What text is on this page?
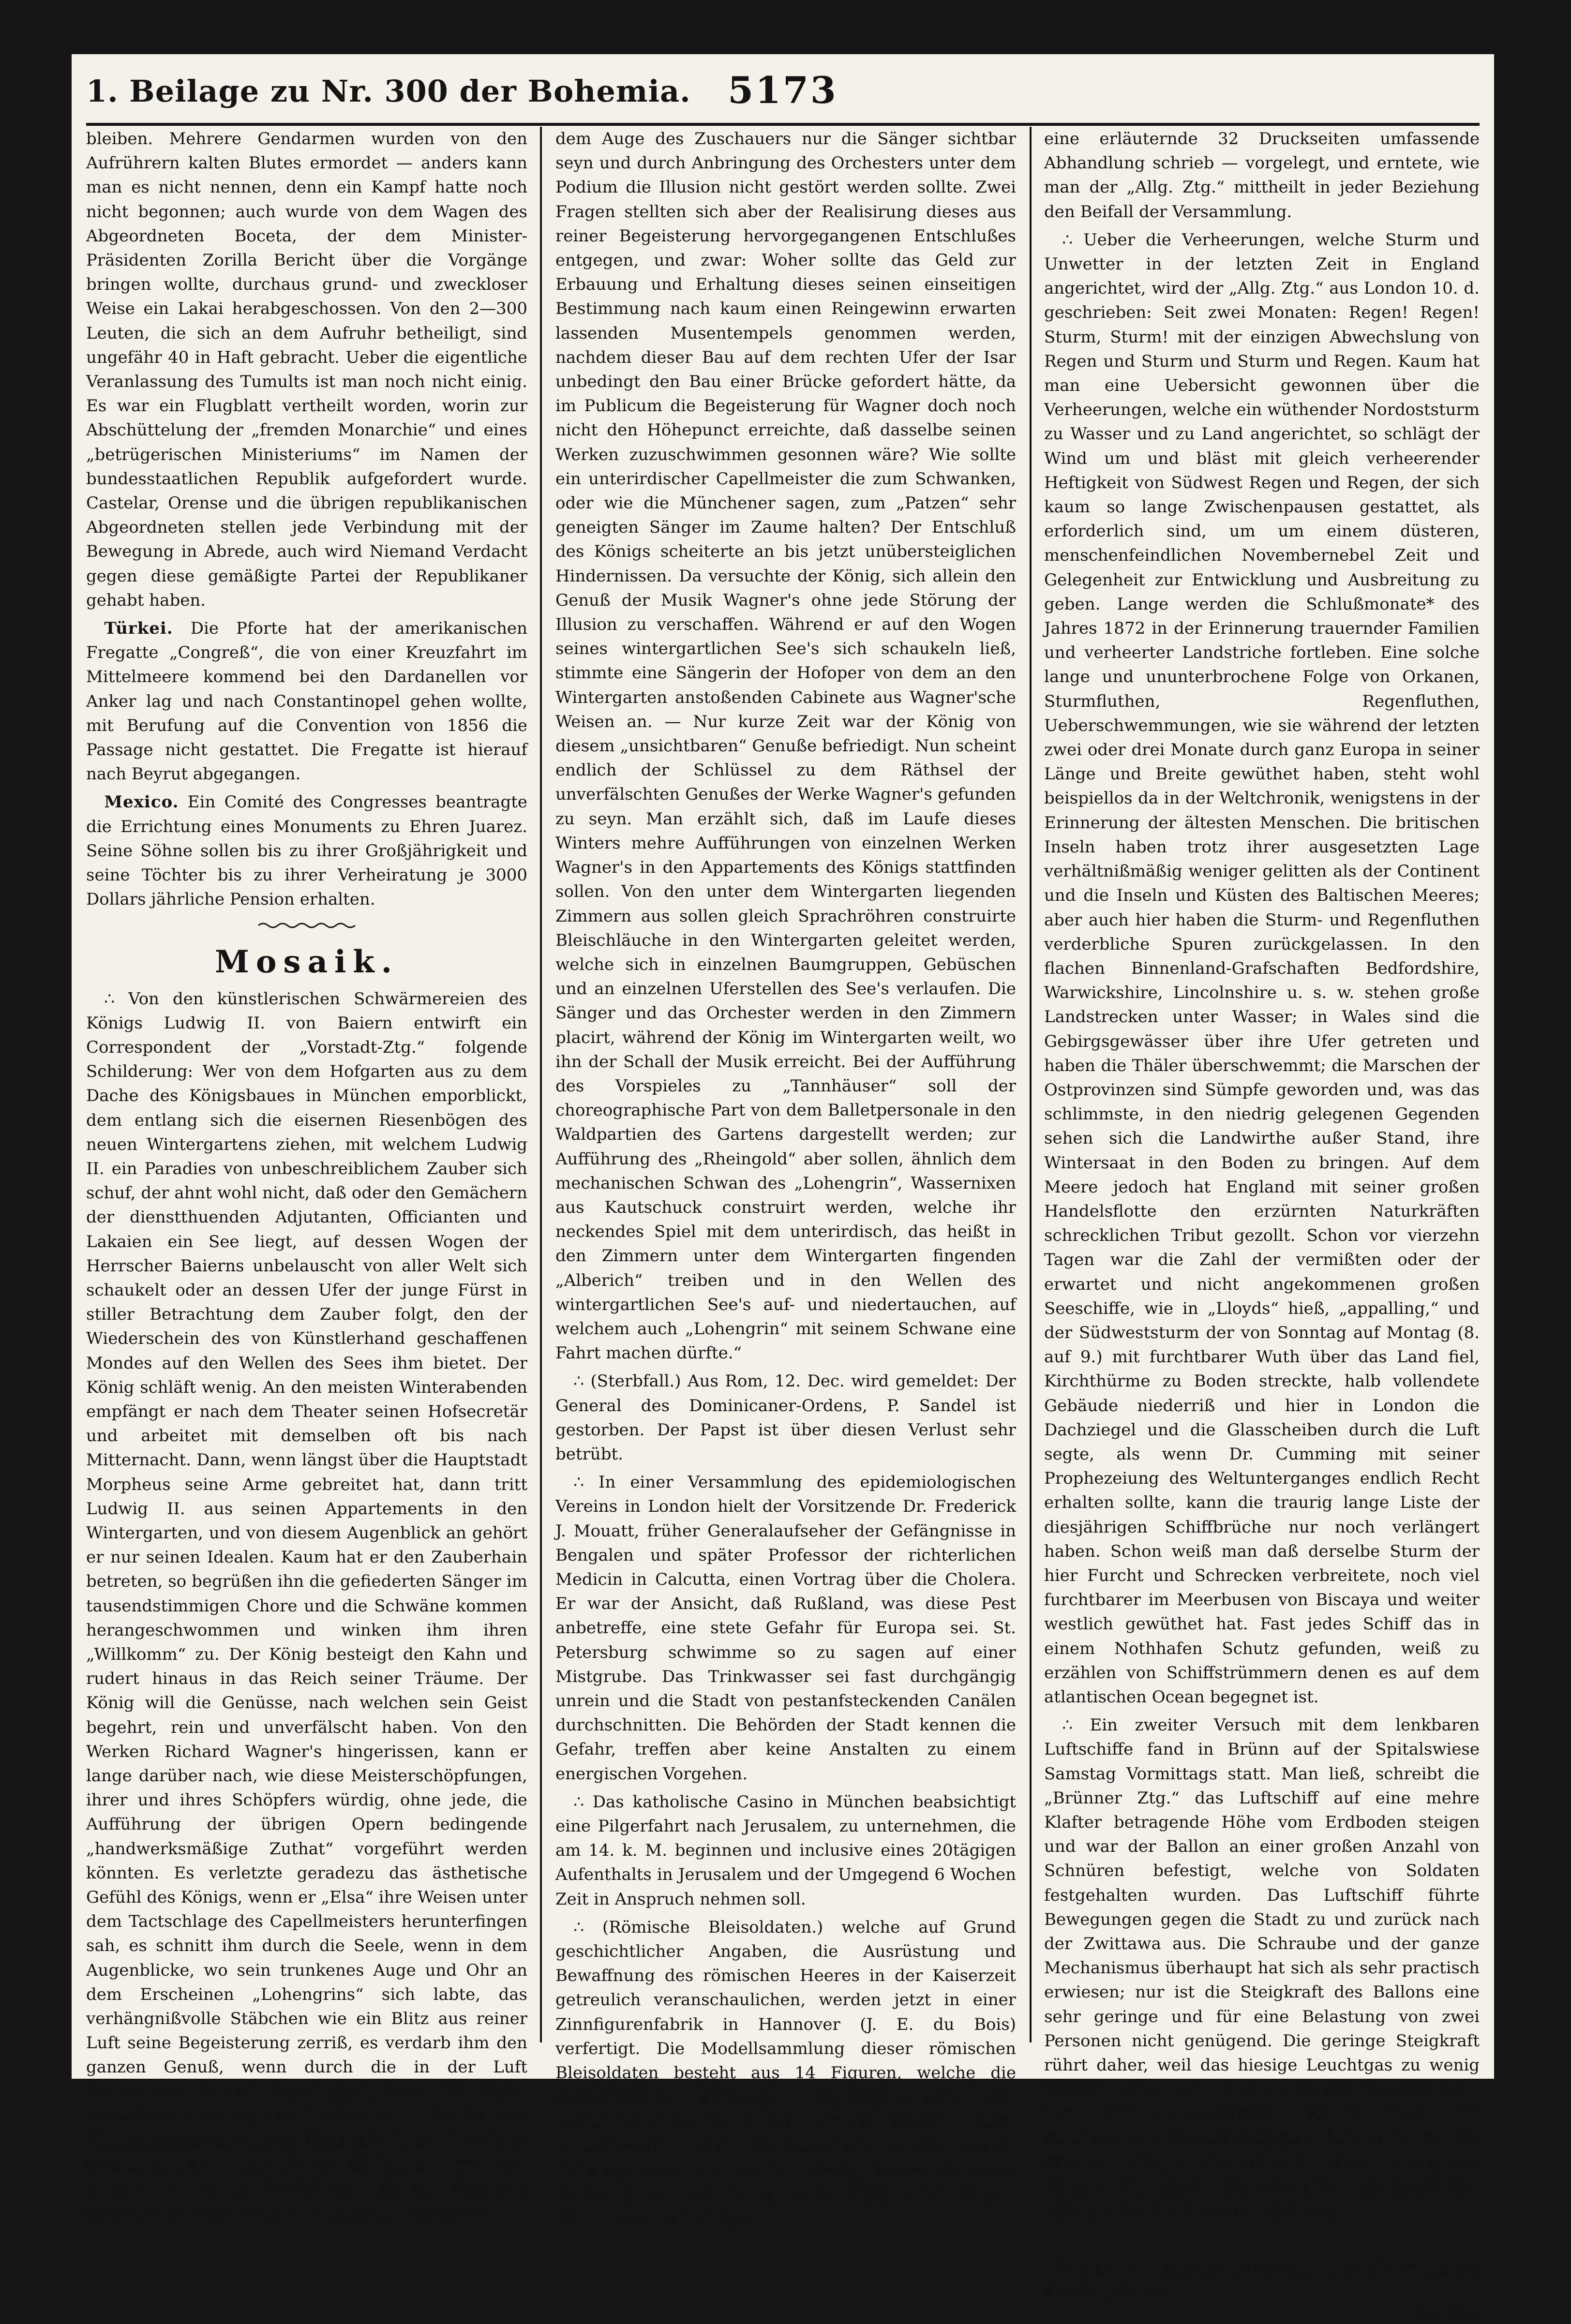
1. Beilage zu Nr. 300 der Bohemia.	5173

bleiben. Mehrere Gendarmen wurden von den Aufrührern kalten Blutes ermordet — anders kann man es nicht nennen, denn ein Kampf hatte noch nicht begonnen; auch wurde von dem Wagen des Abgeordneten Boceta, der dem Minister-Präsidenten Zorilla Bericht über die Vorgänge bringen wollte, durchaus grund- und zweckloser Weise ein Lakai herabgeschossen. Von den 2—300 Leuten, die sich an dem Aufruhr betheiligt, sind ungefähr 40 in Haft gebracht. Ueber die eigentliche Veranlassung des Tumults ist man noch nicht einig. Es war ein Flugblatt vertheilt worden, worin zur Abschüttelung der „fremden Monarchie“ und eines „betrügerischen Ministeriums“ im Namen der bundesstaatlichen Republik aufgefordert wurde. Castelar, Orense und die übrigen republikanischen Abgeordneten stellen jede Verbindung mit der Bewegung in Abrede, auch wird Niemand Verdacht gegen diese gemäßigte Partei der Republikaner gehabt haben.

Türkei. Die Pforte hat der amerikanischen Fregatte „Congreß“, die von einer Kreuzfahrt im Mittelmeere kommend bei den Dardanellen vor Anker lag und nach Constantinopel gehen wollte, mit Berufung auf die Convention von 1856 die Passage nicht gestattet. Die Fregatte ist hierauf nach Beyrut abgegangen.

Mexico. Ein Comité des Congresses beantragte die Errichtung eines Monuments zu Ehren Juarez. Seine Söhne sollen bis zu ihrer Großjährigkeit und seine Töchter bis zu ihrer Verheiratung je 3000 Dollars jährliche Pension erhalten.

Mosaik.

∴ Von den künstlerischen Schwärmereien des Königs Ludwig II. von Baiern entwirft ein Correspondent der „Vorstadt-Ztg.“ folgende Schilderung: Wer von dem Hofgarten aus zu dem Dache des Königsbaues in München emporblickt, dem entlang sich die eisernen Riesenbögen des neuen Wintergartens ziehen, mit welchem Ludwig II. ein Paradies von unbeschreiblichem Zauber sich schuf, der ahnt wohl nicht, daß oder den Gemächern der dienstthuenden Adjutanten, Officianten und Lakaien ein See liegt, auf dessen Wogen der Herrscher Baierns unbelauscht von aller Welt sich schaukelt oder an dessen Ufer der junge Fürst in stiller Betrachtung dem Zauber folgt, den der Wiederschein des von Künstlerhand geschaffenen Mondes auf den Wellen des Sees ihm bietet. Der König schläft wenig. An den meisten Winterabenden empfängt er nach dem Theater seinen Hofsecretär und arbeitet mit demselben oft bis nach Mitternacht. Dann, wenn längst über die Hauptstadt Morpheus seine Arme gebreitet hat, dann tritt Ludwig II. aus seinen Appartements in den Wintergarten, und von diesem Augenblick an gehört er nur seinen Idealen. Kaum hat er den Zauberhain betreten, so begrüßen ihn die gefiederten Sänger im tausendstimmigen Chore und die Schwäne kommen herangeschwommen und winken ihm ihren „Willkomm“ zu. Der König besteigt den Kahn und rudert hinaus in das Reich seiner Träume. Der König will die Genüsse, nach welchen sein Geist begehrt, rein und unverfälscht haben. Von den Werken Richard Wagner's hingerissen, kann er lange darüber nach, wie diese Meisterschöpfungen, ihrer und ihres Schöpfers würdig, ohne jede, die Aufführung der übrigen Opern bedingende „handwerksmäßige Zuthat“ vorgeführt werden könnten. Es verletzte geradezu das ästhetische Gefühl des Königs, wenn er „Elsa“ ihre Weisen unter dem Tactschlage des Capellmeisters herunterfingen sah, es schnitt ihm durch die Seele, wenn in dem Augenblicke, wo sein trunkenes Auge und Ohr an dem Erscheinen „Lohengrins“ sich labte, das verhängnißvolle Stäbchen wie ein Blitz aus reiner Luft seine Begeisterung zerriß, es verdarb ihm den ganzen Genuß, wenn durch die in der Luft herumschwirrenden Geigenbogen, durch die höchst prosaische Kleidung der Musiker sein Blick von der Bühne abgelenkt wurde. Diese peinlichen Eindrücke erzeugten den Entschluß des Königs, auf den Isar-Anlagen ein ausschließlich den Werken Wagner's gewidmetes Opernhaus zu erbauen, in welchem

dem Auge des Zuschauers nur die Sänger sichtbar seyn und durch Anbringung des Orchesters unter dem Podium die Illusion nicht gestört werden sollte. Zwei Fragen stellten sich aber der Realisirung dieses aus reiner Begeisterung hervorgegangenen Entschlußes entgegen, und zwar: Woher sollte das Geld zur Erbauung und Erhaltung dieses seinen einseitigen Bestimmung nach kaum einen Reingewinn erwarten lassenden Musentempels genommen werden, nachdem dieser Bau auf dem rechten Ufer der Isar unbedingt den Bau einer Brücke gefordert hätte, da im Publicum die Begeisterung für Wagner doch noch nicht den Höhepunct erreichte, daß dasselbe seinen Werken zuzuschwimmen gesonnen wäre? Wie sollte ein unterirdischer Capellmeister die zum Schwanken, oder wie die Münchener sagen, zum „Patzen“ sehr geneigten Sänger im Zaume halten? Der Entschluß des Königs scheiterte an bis jetzt unübersteiglichen Hindernissen. Da versuchte der König, sich allein den Genuß der Musik Wagner's ohne jede Störung der Illusion zu verschaffen. Während er auf den Wogen seines wintergartlichen See's sich schaukeln ließ, stimmte eine Sängerin der Hofoper von dem an den Wintergarten anstoßenden Cabinete aus Wagner'sche Weisen an. — Nur kurze Zeit war der König von diesem „unsichtbaren“ Genuße befriedigt. Nun scheint endlich der Schlüssel zu dem Räthsel der unverfälschten Genußes der Werke Wagner's gefunden zu seyn. Man erzählt sich, daß im Laufe dieses Winters mehre Aufführungen von einzelnen Werken Wagner's in den Appartements des Königs stattfinden sollen. Von den unter dem Wintergarten liegenden Zimmern aus sollen gleich Sprachröhren construirte Bleischläuche in den Wintergarten geleitet werden, welche sich in einzelnen Baumgruppen, Gebüschen und an einzelnen Uferstellen des See's verlaufen. Die Sänger und das Orchester werden in den Zimmern placirt, während der König im Wintergarten weilt, wo ihn der Schall der Musik erreicht. Bei der Aufführung des Vorspieles zu „Tannhäuser“ soll der choreographische Part von dem Balletpersonale in den Waldpartien des Gartens dargestellt werden; zur Aufführung des „Rheingold“ aber sollen, ähnlich dem mechanischen Schwan des „Lohengrin“, Wassernixen aus Kautschuck construirt werden, welche ihr neckendes Spiel mit dem unterirdisch, das heißt in den Zimmern unter dem Wintergarten fingenden „Alberich“ treiben und in den Wellen des wintergartlichen See's auf- und niedertauchen, auf welchem auch „Lohengrin“ mit seinem Schwane eine Fahrt machen dürfte.“

∴ (Sterbfall.) Aus Rom, 12. Dec. wird gemeldet: Der General des Dominicaner-Ordens, P. Sandel ist gestorben. Der Papst ist über diesen Verlust sehr betrübt.

∴ In einer Versammlung des epidemiologischen Vereins in London hielt der Vorsitzende Dr. Frederick J. Mouatt, früher Generalaufseher der Gefängnisse in Bengalen und später Professor der richterlichen Medicin in Calcutta, einen Vortrag über die Cholera. Er war der Ansicht, daß Rußland, was diese Pest anbetreffe, eine stete Gefahr für Europa sei. St. Petersburg schwimme so zu sagen auf einer Mistgrube. Das Trinkwasser sei fast durchgängig unrein und die Stadt von pestanfsteckenden Canälen durchschnitten. Die Behörden der Stadt kennen die Gefahr, treffen aber keine Anstalten zu einem energischen Vorgehen.

∴ Das katholische Casino in München beabsichtigt eine Pilgerfahrt nach Jerusalem, zu unternehmen, die am 14. k. M. beginnen und inclusive eines 20tägigen Aufenthalts in Jerusalem und der Umgegend 6 Wochen Zeit in Anspruch nehmen soll.

∴ (Römische Bleisoldaten.) welche auf Grund geschichtlicher Angaben, die Ausrüstung und Bewaffnung des römischen Heeres in der Kaiserzeit getreulich veranschaulichen, werden jetzt in einer Zinnfigurenfabrik in Hannover (J. E. du Bois) verfertigt. Die Modellsammlung dieser römischen Bleisoldaten besteht aus 14 Figuren, welche die verschiedenen damaligen Waffengattungen, den Legionssoldaten, den Officier und den Kaiser — jeden in seiner Art Tracht repräsentiren. Bei der letzten Philologenversammlung in Leipzig wurde die erste Schachtel solcher Figuren vom Director Müller aus Plön — welcher darüber

eine erläuternde 32 Druckseiten umfassende Abhandlung schrieb — vorgelegt, und erntete, wie man der „Allg. Ztg.“ mittheilt in jeder Beziehung den Beifall der Versammlung.

∴ Ueber die Verheerungen, welche Sturm und Unwetter in der letzten Zeit in England angerichtet, wird der „Allg. Ztg.“ aus London 10. d. geschrieben: Seit zwei Monaten: Regen! Regen! Sturm, Sturm! mit der einzigen Abwechslung von Regen und Sturm und Sturm und Regen. Kaum hat man eine Uebersicht gewonnen über die Verheerungen, welche ein wüthender Nordoststurm zu Wasser und zu Land angerichtet, so schlägt der Wind um und bläst mit gleich verheerender Heftigkeit von Südwest Regen und Regen, der sich kaum so lange Zwischenpausen gestattet, als erforderlich sind, um um einem düsteren, menschenfeindlichen Novembernebel Zeit und Gelegenheit zur Entwicklung und Ausbreitung zu geben. Lange werden die Schlußmonate* des Jahres 1872 in der Erinnerung trauernder Familien und verheerter Landstriche fortleben. Eine solche lange und ununterbrochene Folge von Orkanen, Sturmfluthen, Regenfluthen, Ueberschwemmungen, wie sie während der letzten zwei oder drei Monate durch ganz Europa in seiner Länge und Breite gewüthet haben, steht wohl beispiellos da in der Weltchronik, wenigstens in der Erinnerung der ältesten Menschen. Die britischen Inseln haben trotz ihrer ausgesetzten Lage verhältnißmäßig weniger gelitten als der Continent und die Inseln und Küsten des Baltischen Meeres; aber auch hier haben die Sturm- und Regenfluthen verderbliche Spuren zurückgelassen. In den flachen Binnenland-Grafschaften Bedfordshire, Warwickshire, Lincolnshire u. s. w. stehen große Landstrecken unter Wasser; in Wales sind die Gebirgsgewässer über ihre Ufer getreten und haben die Thäler überschwemmt; die Marschen der Ostprovinzen sind Sümpfe geworden und, was das schlimmste, in den niedrig gelegenen Gegenden sehen sich die Landwirthe außer Stand, ihre Wintersaat in den Boden zu bringen. Auf dem Meere jedoch hat England mit seiner großen Handelsflotte den erzürnten Naturkräften schrecklichen Tribut gezollt. Schon vor vierzehn Tagen war die Zahl der vermißten oder der erwartet und nicht angekommenen großen Seeschiffe, wie in „Lloyds“ hieß, „appalling,“ und der Südweststurm der von Sonntag auf Montag (8. auf 9.) mit furchtbarer Wuth über das Land fiel, Kirchthürme zu Boden streckte, halb vollendete Gebäude niederriß und hier in London die Dachziegel und die Glasscheiben durch die Luft segte, als wenn Dr. Cumming mit seiner Prophezeiung des Weltunterganges endlich Recht erhalten sollte, kann die traurig lange Liste der diesjährigen Schiffbrüche nur noch verlängert haben. Schon weiß man daß derselbe Sturm der hier Furcht und Schrecken verbreitete, noch viel furchtbarer im Meerbusen von Biscaya und weiter westlich gewüthet hat. Fast jedes Schiff das in einem Nothhafen Schutz gefunden, weiß zu erzählen von Schiffstrümmern denen es auf dem atlantischen Ocean begegnet ist.

∴ Ein zweiter Versuch mit dem lenkbaren Luftschiffe fand in Brünn auf der Spitalswiese Samstag Vormittags statt. Man ließ, schreibt die „Brünner Ztg.“ das Luftschiff auf eine mehre Klafter betragende Höhe vom Erdboden steigen und war der Ballon an einer großen Anzahl von Schnüren befestigt, welche von Soldaten festgehalten wurden. Das Luftschiff führte Bewegungen gegen die Stadt zu und zurück nach der Zwittawa aus. Die Schraube und der ganze Mechanismus überhaupt hat sich als sehr practisch erwiesen; nur ist die Steigkraft des Ballons eine sehr geringe und für eine Belastung von zwei Personen nicht genügend. Die geringe Steigkraft rührt daher, weil das hiesige Leuchtgas zu wenig Wasserstoff enthält, also zu schwer ist, was wohl für Beleuchtungszwecke vortheilhafter, für aeronautische Zwecke dagegen nicht förderlich ist. Wie es heißt, dürfte späterhin eine Füllung des Ballons mit reinem Wasserstoffgas vorgenommen werden. Nach den ersten Versuchen

* Nicht nur die Schlußmonate, auch die mittleren, vide 25., 26. Mai.
Die Red.
